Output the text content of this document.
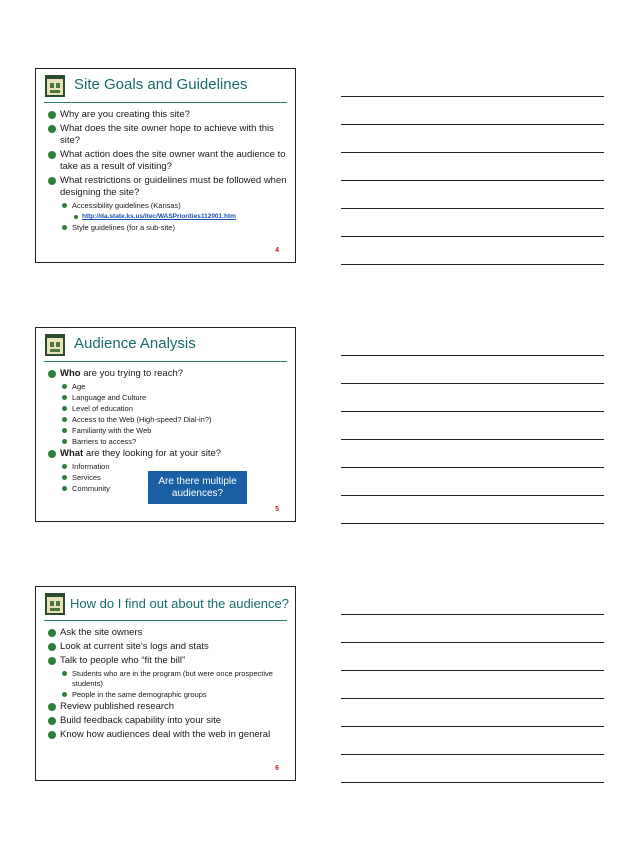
Site Goals and Guidelines
Why are you creating this site?
What does the site owner hope to achieve with this site?
What action does the site owner want the audience to take as a result of visiting?
What restrictions or guidelines must be followed when designing the site?
Accessibility guidelines (Kansas)
http://da.state.ks.us/itec/WASPriorities112001.htm
Style guidelines (for a sub-site)
4
Audience Analysis
Who are you trying to reach?
Age
Language and Culture
Level of education
Access to the Web (High-speed? Dial-in?)
Familiarity with the Web
Barriers to access?
What are they looking for at your site?
Information
Services
Community
Are there multiple audiences?
5
How do I find out about the audience?
Ask the site owners
Look at current site’s logs and stats
Talk to people who “fit the bill”
Students who are in the program (but were once prospective students)
People in the same demographic groups
Review published research
Build feedback capability into your site
Know how audiences deal with the web in general
6
